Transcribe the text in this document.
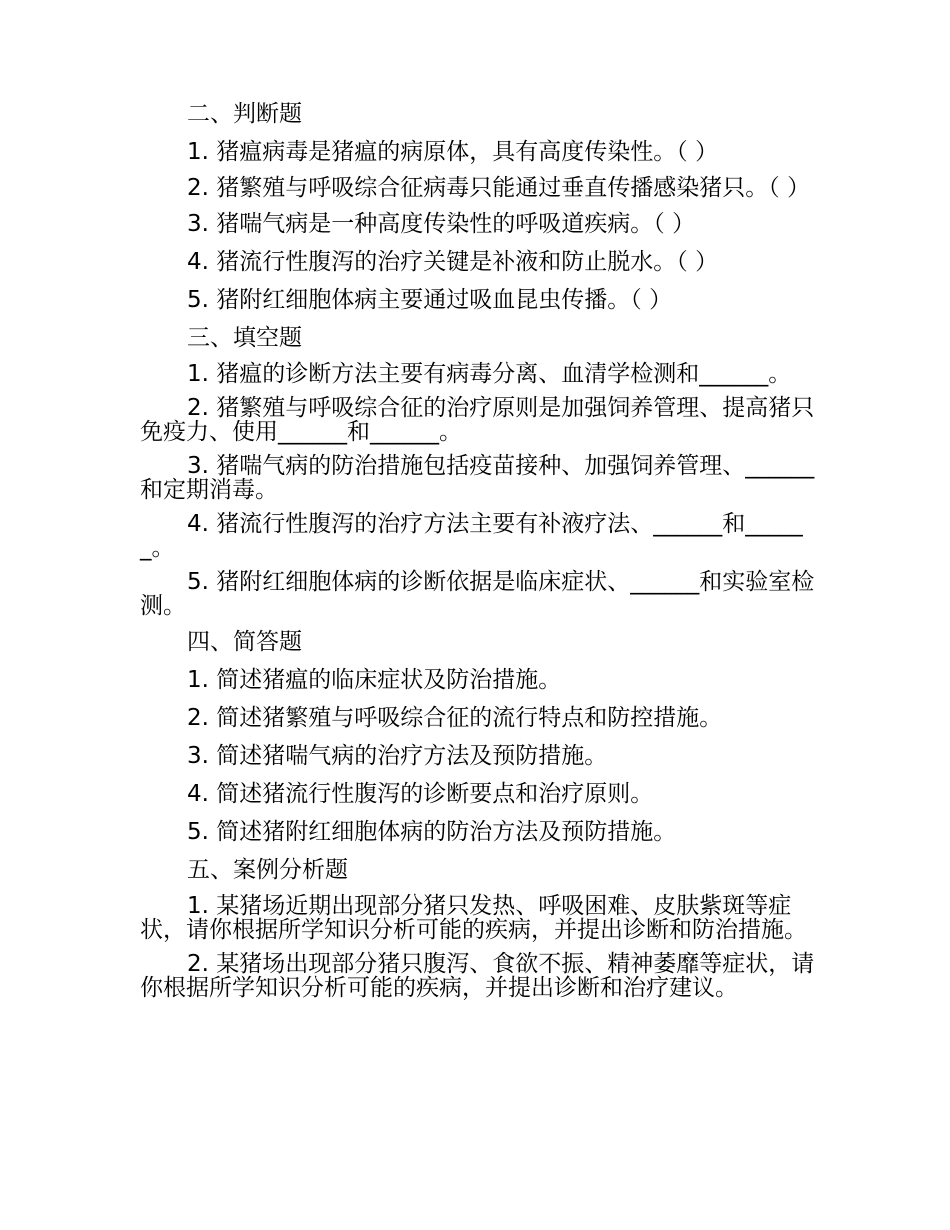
二、判断题
1. 猪瘟病毒是猪瘟的病原体，具有高度传染性。（ ）
2. 猪繁殖与呼吸综合征病毒只能通过垂直传播感染猪只。（ ）
3. 猪喘气病是一种高度传染性的呼吸道疾病。（ ）
4. 猪流行性腹泻的治疗关键是补液和防止脱水。（ ）
5. 猪附红细胞体病主要通过吸血昆虫传播。（ ）
三、填空题
1. 猪瘟的诊断方法主要有病毒分离、血清学检测和______。
2. 猪繁殖与呼吸综合征的治疗原则是加强饲养管理、提高猪只免疫力、使用______和______。
3. 猪喘气病的防治措施包括疫苗接种、加强饲养管理、______和定期消毒。
4. 猪流行性腹泻的治疗方法主要有补液疗法、______和______。
5. 猪附红细胞体病的诊断依据是临床症状、______和实验室检测。
四、简答题
1. 简述猪瘟的临床症状及防治措施。
2. 简述猪繁殖与呼吸综合征的流行特点和防控措施。
3. 简述猪喘气病的治疗方法及预防措施。
4. 简述猪流行性腹泻的诊断要点和治疗原则。
5. 简述猪附红细胞体病的防治方法及预防措施。
五、案例分析题
1. 某猪场近期出现部分猪只发热、呼吸困难、皮肤紫斑等症状，请你根据所学知识分析可能的疾病，并提出诊断和防治措施。
2. 某猪场出现部分猪只腹泻、食欲不振、精神萎靡等症状，请你根据所学知识分析可能的疾病，并提出诊断和治疗建议。
